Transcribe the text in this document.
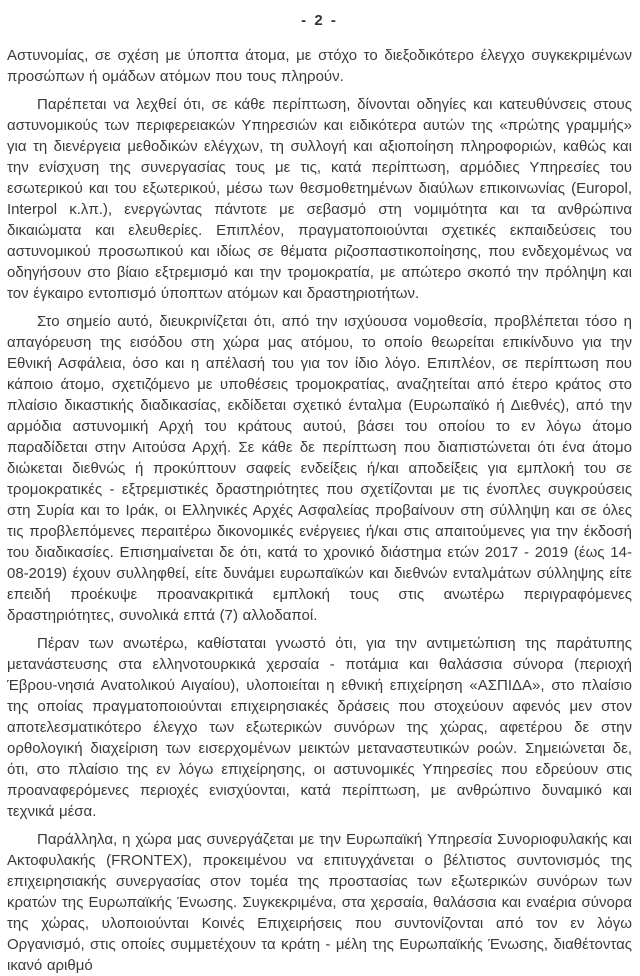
- 2 -

Αστυνομίας, σε σχέση με ύποπτα άτομα, με στόχο το διεξοδικότερο έλεγχο συγκεκριμένων προσώπων ή ομάδων ατόμων που τους πληρούν.

Παρέπεται να λεχθεί ότι, σε κάθε περίπτωση, δίνονται οδηγίες και κατευθύνσεις στους αστυνομικούς των περιφερειακών Υπηρεσιών και ειδικότερα αυτών της «πρώτης γραμμής» για τη διενέργεια μεθοδικών ελέγχων, τη συλλογή και αξιοποίηση πληροφοριών, καθώς και την ενίσχυση της συνεργασίας τους με τις, κατά περίπτωση, αρμόδιες Υπηρεσίες του εσωτερικού και του εξωτερικού, μέσω των θεσμοθετημένων διαύλων επικοινωνίας (Europol, Interpol κ.λπ.), ενεργώντας πάντοτε με σεβασμό στη νομιμότητα και τα ανθρώπινα δικαιώματα και ελευθερίες. Επιπλέον, πραγματοποιούνται σχετικές εκπαιδεύσεις του αστυνομικού προσωπικού και ιδίως σε θέματα ριζοσπαστικοποίησης, που ενδεχομένως να οδηγήσουν στο βίαιο εξτρεμισμό και την τρομοκρατία, με απώτερο σκοπό την πρόληψη και τον έγκαιρο εντοπισμό ύποπτων ατόμων και δραστηριοτήτων.

Στο σημείο αυτό, διευκρινίζεται ότι, από την ισχύουσα νομοθεσία, προβλέπεται τόσο η απαγόρευση της εισόδου στη χώρα μας ατόμου, το οποίο θεωρείται επικίνδυνο για την Εθνική Ασφάλεια, όσο και η απέλασή του για τον ίδιο λόγο. Επιπλέον, σε περίπτωση που κάποιο άτομο, σχετιζόμενο με υποθέσεις τρομοκρατίας, αναζητείται από έτερο κράτος στο πλαίσιο δικαστικής διαδικασίας, εκδίδεται σχετικό ένταλμα (Ευρωπαϊκό ή Διεθνές), από την αρμόδια αστυνομική Αρχή του κράτους αυτού, βάσει του οποίου το εν λόγω άτομο παραδίδεται στην Αιτούσα Αρχή. Σε κάθε δε περίπτωση που διαπιστώνεται ότι ένα άτομο διώκεται διεθνώς ή προκύπτουν σαφείς ενδείξεις ή/και αποδείξεις για εμπλοκή του σε τρομοκρατικές - εξτρεμιστικές δραστηριότητες που σχετίζονται με τις ένοπλες συγκρούσεις στη Συρία και το Ιράκ, οι Ελληνικές Αρχές Ασφαλείας προβαίνουν στη σύλληψη και σε όλες τις προβλεπόμενες περαιτέρω δικονομικές ενέργειες ή/και στις απαιτούμενες για την έκδοσή του διαδικασίες. Επισημαίνεται δε ότι, κατά το χρονικό διάστημα ετών 2017 - 2019 (έως 14-08-2019) έχουν συλληφθεί, είτε δυνάμει ευρωπαϊκών και διεθνών ενταλμάτων σύλληψης είτε επειδή προέκυψε προανακριτικά εμπλοκή τους στις ανωτέρω περιγραφόμενες δραστηριότητες, συνολικά επτά (7) αλλοδαποί.

Πέραν των ανωτέρω, καθίσταται γνωστό ότι, για την αντιμετώπιση της παράτυπης μετανάστευσης στα ελληνοτουρκικά χερσαία - ποτάμια και θαλάσσια σύνορα (περιοχή Έβρου-νησιά Ανατολικού Αιγαίου), υλοποιείται η εθνική επιχείρηση «ΑΣΠΙΔΑ», στο πλαίσιο της οποίας πραγματοποιούνται επιχειρησιακές δράσεις που στοχεύουν αφενός μεν στον αποτελεσματικότερο έλεγχο των εξωτερικών συνόρων της χώρας, αφετέρου δε στην ορθολογική διαχείριση των εισερχομένων μεικτών μεταναστευτικών ροών. Σημειώνεται δε, ότι, στο πλαίσιο της εν λόγω επιχείρησης, οι αστυνομικές Υπηρεσίες που εδρεύουν στις προαναφερόμενες περιοχές ενισχύονται, κατά περίπτωση, με ανθρώπινο δυναμικό και τεχνικά μέσα.

Παράλληλα, η χώρα μας συνεργάζεται με την Ευρωπαϊκή Υπηρεσία Συνοριοφυλακής και Ακτοφυλακής (FRONTEX), προκειμένου να επιτυγχάνεται ο βέλτιστος συντονισμός της επιχειρησιακής συνεργασίας στον τομέα της προστασίας των εξωτερικών συνόρων των κρατών της Ευρωπαϊκής Ένωσης. Συγκεκριμένα, στα χερσαία, θαλάσσια και εναέρια σύνορα της χώρας, υλοποιούνται Κοινές Επιχειρήσεις που συντονίζονται από τον εν λόγω Οργανισμό, στις οποίες συμμετέχουν τα κράτη - μέλη της Ευρωπαϊκής Ένωσης, διαθέτοντας ικανό αριθμό
